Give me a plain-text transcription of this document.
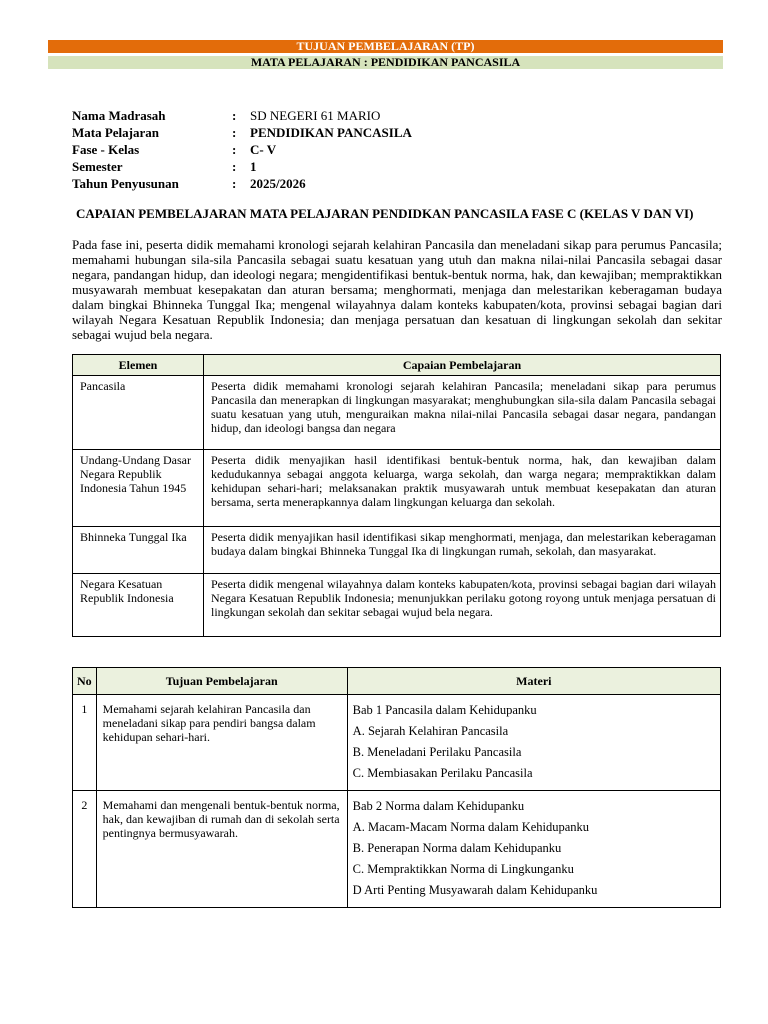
TUJUAN PEMBELAJARAN (TP)
MATA PELAJARAN : PENDIDIKAN PANCASILA
Nama Madrasah	:	SD NEGERI 61 MARIO
Mata Pelajaran	:	PENDIDIKAN PANCASILA
Fase - Kelas	:	C- V
Semester	:	1
Tahun Penyusunan	:	2025/2026
CAPAIAN PEMBELAJARAN MATA PELAJARAN PENDIDKAN PANCASILA FASE C (KELAS V DAN VI)
Pada fase ini, peserta didik memahami kronologi sejarah kelahiran Pancasila dan meneladani sikap para perumus Pancasila; memahami hubungan sila-sila Pancasila sebagai suatu kesatuan yang utuh dan makna nilai-nilai Pancasila sebagai dasar negara, pandangan hidup, dan ideologi negara; mengidentifikasi bentuk-bentuk norma, hak, dan kewajiban; mempraktikkan musyawarah membuat kesepakatan dan aturan bersama; menghormati, menjaga dan melestarikan keberagaman budaya dalam bingkai Bhinneka Tunggal Ika; mengenal wilayahnya dalam konteks kabupaten/kota, provinsi sebagai bagian dari wilayah Negara Kesatuan Republik Indonesia; dan menjaga persatuan dan kesatuan di lingkungan sekolah dan sekitar sebagai wujud bela negara.
Elemen	Capaian Pembelajaran
Pancasila	Peserta didik memahami kronologi sejarah kelahiran Pancasila; meneladani sikap para perumus Pancasila dan menerapkan di lingkungan masyarakat; menghubungkan sila-sila dalam Pancasila sebagai suatu kesatuan yang utuh, menguraikan makna nilai-nilai Pancasila sebagai dasar negara, pandangan hidup, dan ideologi bangsa dan negara
Undang-Undang Dasar Negara Republik Indonesia Tahun 1945	Peserta didik menyajikan hasil identifikasi bentuk-bentuk norma, hak, dan kewajiban dalam kedudukannya sebagai anggota keluarga, warga sekolah, dan warga negara; mempraktikkan dalam kehidupan sehari-hari; melaksanakan praktik musyawarah untuk membuat kesepakatan dan aturan bersama, serta menerapkannya dalam lingkungan keluarga dan sekolah.
Bhinneka Tunggal Ika	Peserta didik menyajikan hasil identifikasi sikap menghormati, menjaga, dan melestarikan keberagaman budaya dalam bingkai Bhinneka Tunggal Ika di lingkungan rumah, sekolah, dan masyarakat.
Negara Kesatuan Republik Indonesia	Peserta didik mengenal wilayahnya dalam konteks kabupaten/kota, provinsi sebagai bagian dari wilayah Negara Kesatuan Republik Indonesia; menunjukkan perilaku gotong royong untuk menjaga persatuan di lingkungan sekolah dan sekitar sebagai wujud bela negara.
No	Tujuan Pembelajaran	Materi
1	Memahami sejarah kelahiran Pancasila dan meneladani sikap para pendiri bangsa dalam kehidupan sehari-hari.	Bab 1 Pancasila dalam Kehidupanku
A. Sejarah Kelahiran Pancasila
B. Meneladani Perilaku Pancasila
C. Membiasakan Perilaku Pancasila

2	Memahami dan mengenali bentuk-bentuk norma, hak, dan kewajiban di rumah dan di sekolah serta pentingnya bermusyawarah.	Bab 2 Norma dalam Kehidupanku
A. Macam-Macam Norma dalam Kehidupanku
B. Penerapan Norma dalam Kehidupanku
C. Mempraktikkan Norma di Lingkunganku
D Arti Penting Musyawarah dalam Kehidupanku
